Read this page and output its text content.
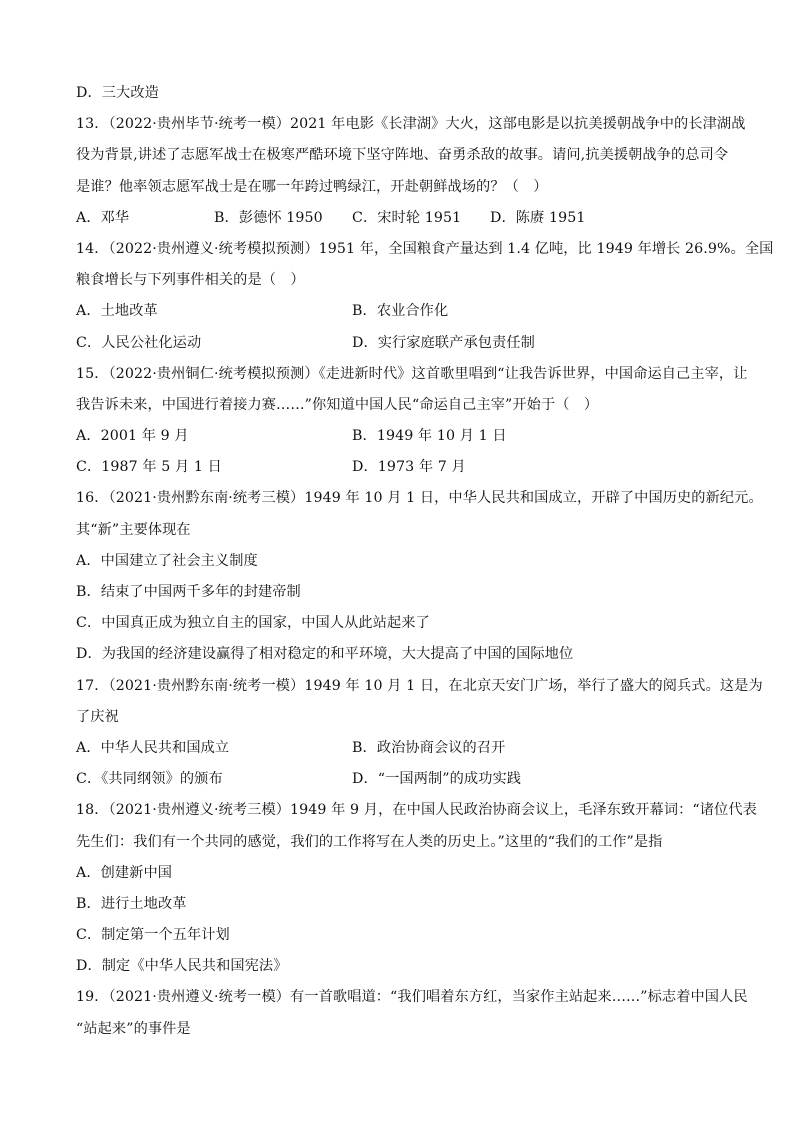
D．三大改造
13．（2022·贵州毕节·统考一模）2021 年电影《长津湖》大火，这部电影是以抗美援朝战争中的长津湖战
役为背景,讲述了志愿军战士在极寒严酷环境下坚守阵地、奋勇杀敌的故事。请问,抗美援朝战争的总司令
是谁？他率领志愿军战士是在哪一年跨过鸭绿江，开赴朝鲜战场的？（　）
A．邓华	B．彭德怀 1950	C．宋时轮 1951	D．陈赓 1951
14．（2022·贵州遵义·统考模拟预测）1951 年，全国粮食产量达到 1.4 亿吨，比 1949 年增长 26.9%。全国
粮食增长与下列事件相关的是（　）
A．土地改革	B．农业合作化
C．人民公社化运动	D．实行家庭联产承包责任制
15．（2022·贵州铜仁·统考模拟预测）《走进新时代》这首歌里唱到“让我告诉世界，中国命运自己主宰，让
我告诉未来，中国进行着接力赛……”你知道中国人民“命运自己主宰”开始于（　）
A．2001 年 9 月	B．1949 年 10 月 1 日
C．1987 年 5 月 1 日	D．1973 年 7 月
16．（2021·贵州黔东南·统考三模）1949 年 10 月 1 日，中华人民共和国成立，开辟了中国历史的新纪元。
其“新”主要体现在
A．中国建立了社会主义制度
B．结束了中国两千多年的封建帝制
C．中国真正成为独立自主的国家，中国人从此站起来了
D．为我国的经济建设赢得了相对稳定的和平环境，大大提高了中国的国际地位
17．（2021·贵州黔东南·统考一模）1949 年 10 月 1 日，在北京天安门广场，举行了盛大的阅兵式。这是为
了庆祝
A．中华人民共和国成立	B．政治协商会议的召开
C．《共同纲领》的颁布	D．“一国两制”的成功实践
18．（2021·贵州遵义·统考三模）1949 年 9 月，在中国人民政治协商会议上，毛泽东致开幕词：“诸位代表
先生们：我们有一个共同的感觉，我们的工作将写在人类的历史上。”这里的“我们的工作”是指
A．创建新中国
B．进行土地改革
C．制定第一个五年计划
D．制定《中华人民共和国宪法》
19．（2021·贵州遵义·统考一模）有一首歌唱道：“我们唱着东方红，当家作主站起来……”标志着中国人民
“站起来”的事件是
